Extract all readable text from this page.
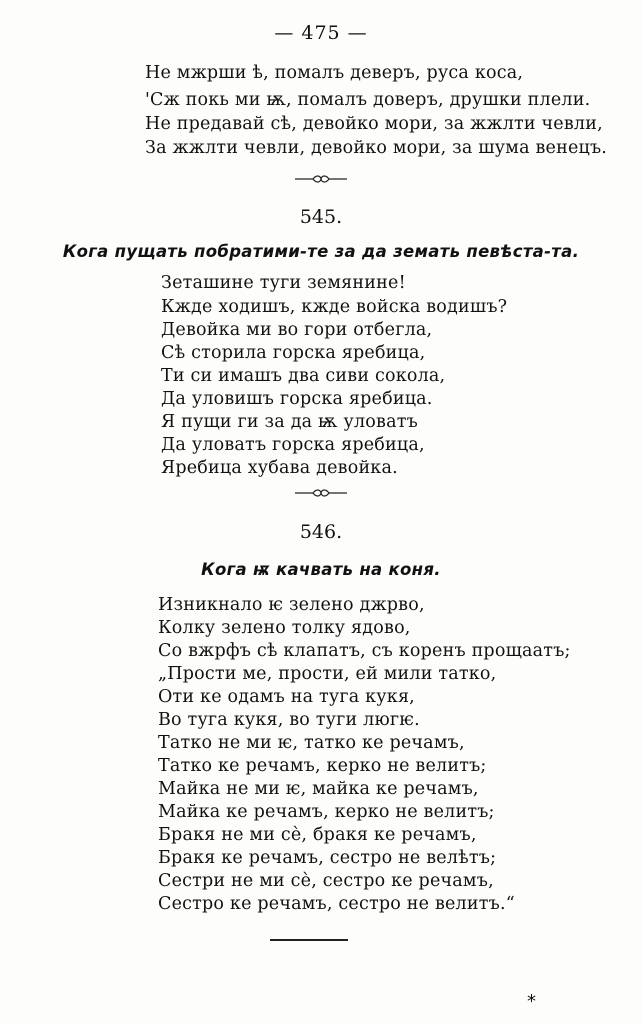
— 475 —
Не мжрши ѣ, помалъ деверъ, руса коса,
'Сж покь ми ѭ, помалъ доверъ, друшки плели.
Не предавай сѣ, девойко мори, за жжлти чевли,
За жжлти чевли, девойко мори, за шума венецъ.
545.
Кога пущать побратими-те за да земать певѣста-та.
Зеташине туги земянине!
Кжде ходишъ, кжде войска водишъ?
Девойка ми во гори отбегла,
Сѣ сторила горска яребица,
Ти си имашъ два сиви сокола,
Да уловишъ горска яребица.
Я пущи ги за да ѭ уловатъ
Да уловатъ горска яребица,
Яребица хубава девойка.
546.
Кога ѭ качвать на коня.
Изникнало ѥ зелено джрво,
Колку зелено толку ядово,
Со вжрфъ сѣ клапатъ, съ коренъ прощаатъ;
„Прости ме, прости, ей мили татко,
Оти ке одамъ на туга кукя,
Во туга кукя, во туги люгѥ.
Татко не ми ѥ, татко ке речамъ,
Татко ке речамъ, керко не велитъ;
Майка не ми ѥ, майка ке речамъ,
Майка ке речамъ, керко не велитъ;
Бракя не ми сѐ, бракя ке речамъ,
Бракя ке речамъ, сестро не велѣтъ;
Сестри не ми сѐ, сестро ке речамъ,
Сестро ке речамъ, сестро не велитъ.“
*
